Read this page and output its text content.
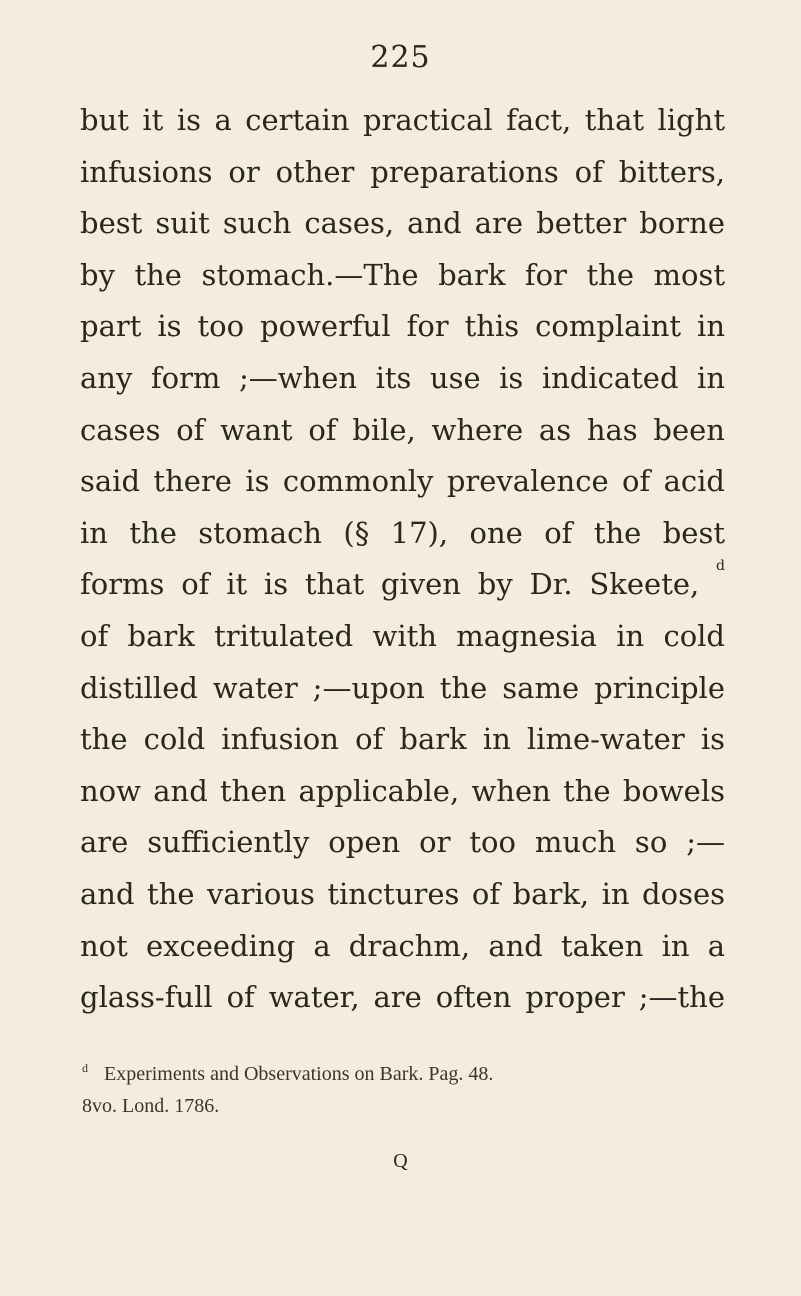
225
but it is a certain practical fact, that light
infusions or other preparations of bitters,
best suit such cases, and are better borne
by the stomach.—The bark for the most
part is too powerful for this complaint in
any form ;—when its use is indicated in
cases of want of bile, where as has been
said there is commonly prevalence of acid
in the stomach (§ 17), one of the best
forms of it is that given by Dr. Skeete, $^d$
of bark tritulated with magnesia in cold
distilled water ;—upon the same principle
the cold infusion of bark in lime-water is
now and then applicable, when the bowels
are sufficiently open or too much so ;—
and the various tinctures of bark, in doses
not exceeding a drachm, and taken in a
glass-full of water, are often proper ;—the
d Experiments and Observations on Bark. Pag. 48.
8vo. Lond. 1786.
Q
